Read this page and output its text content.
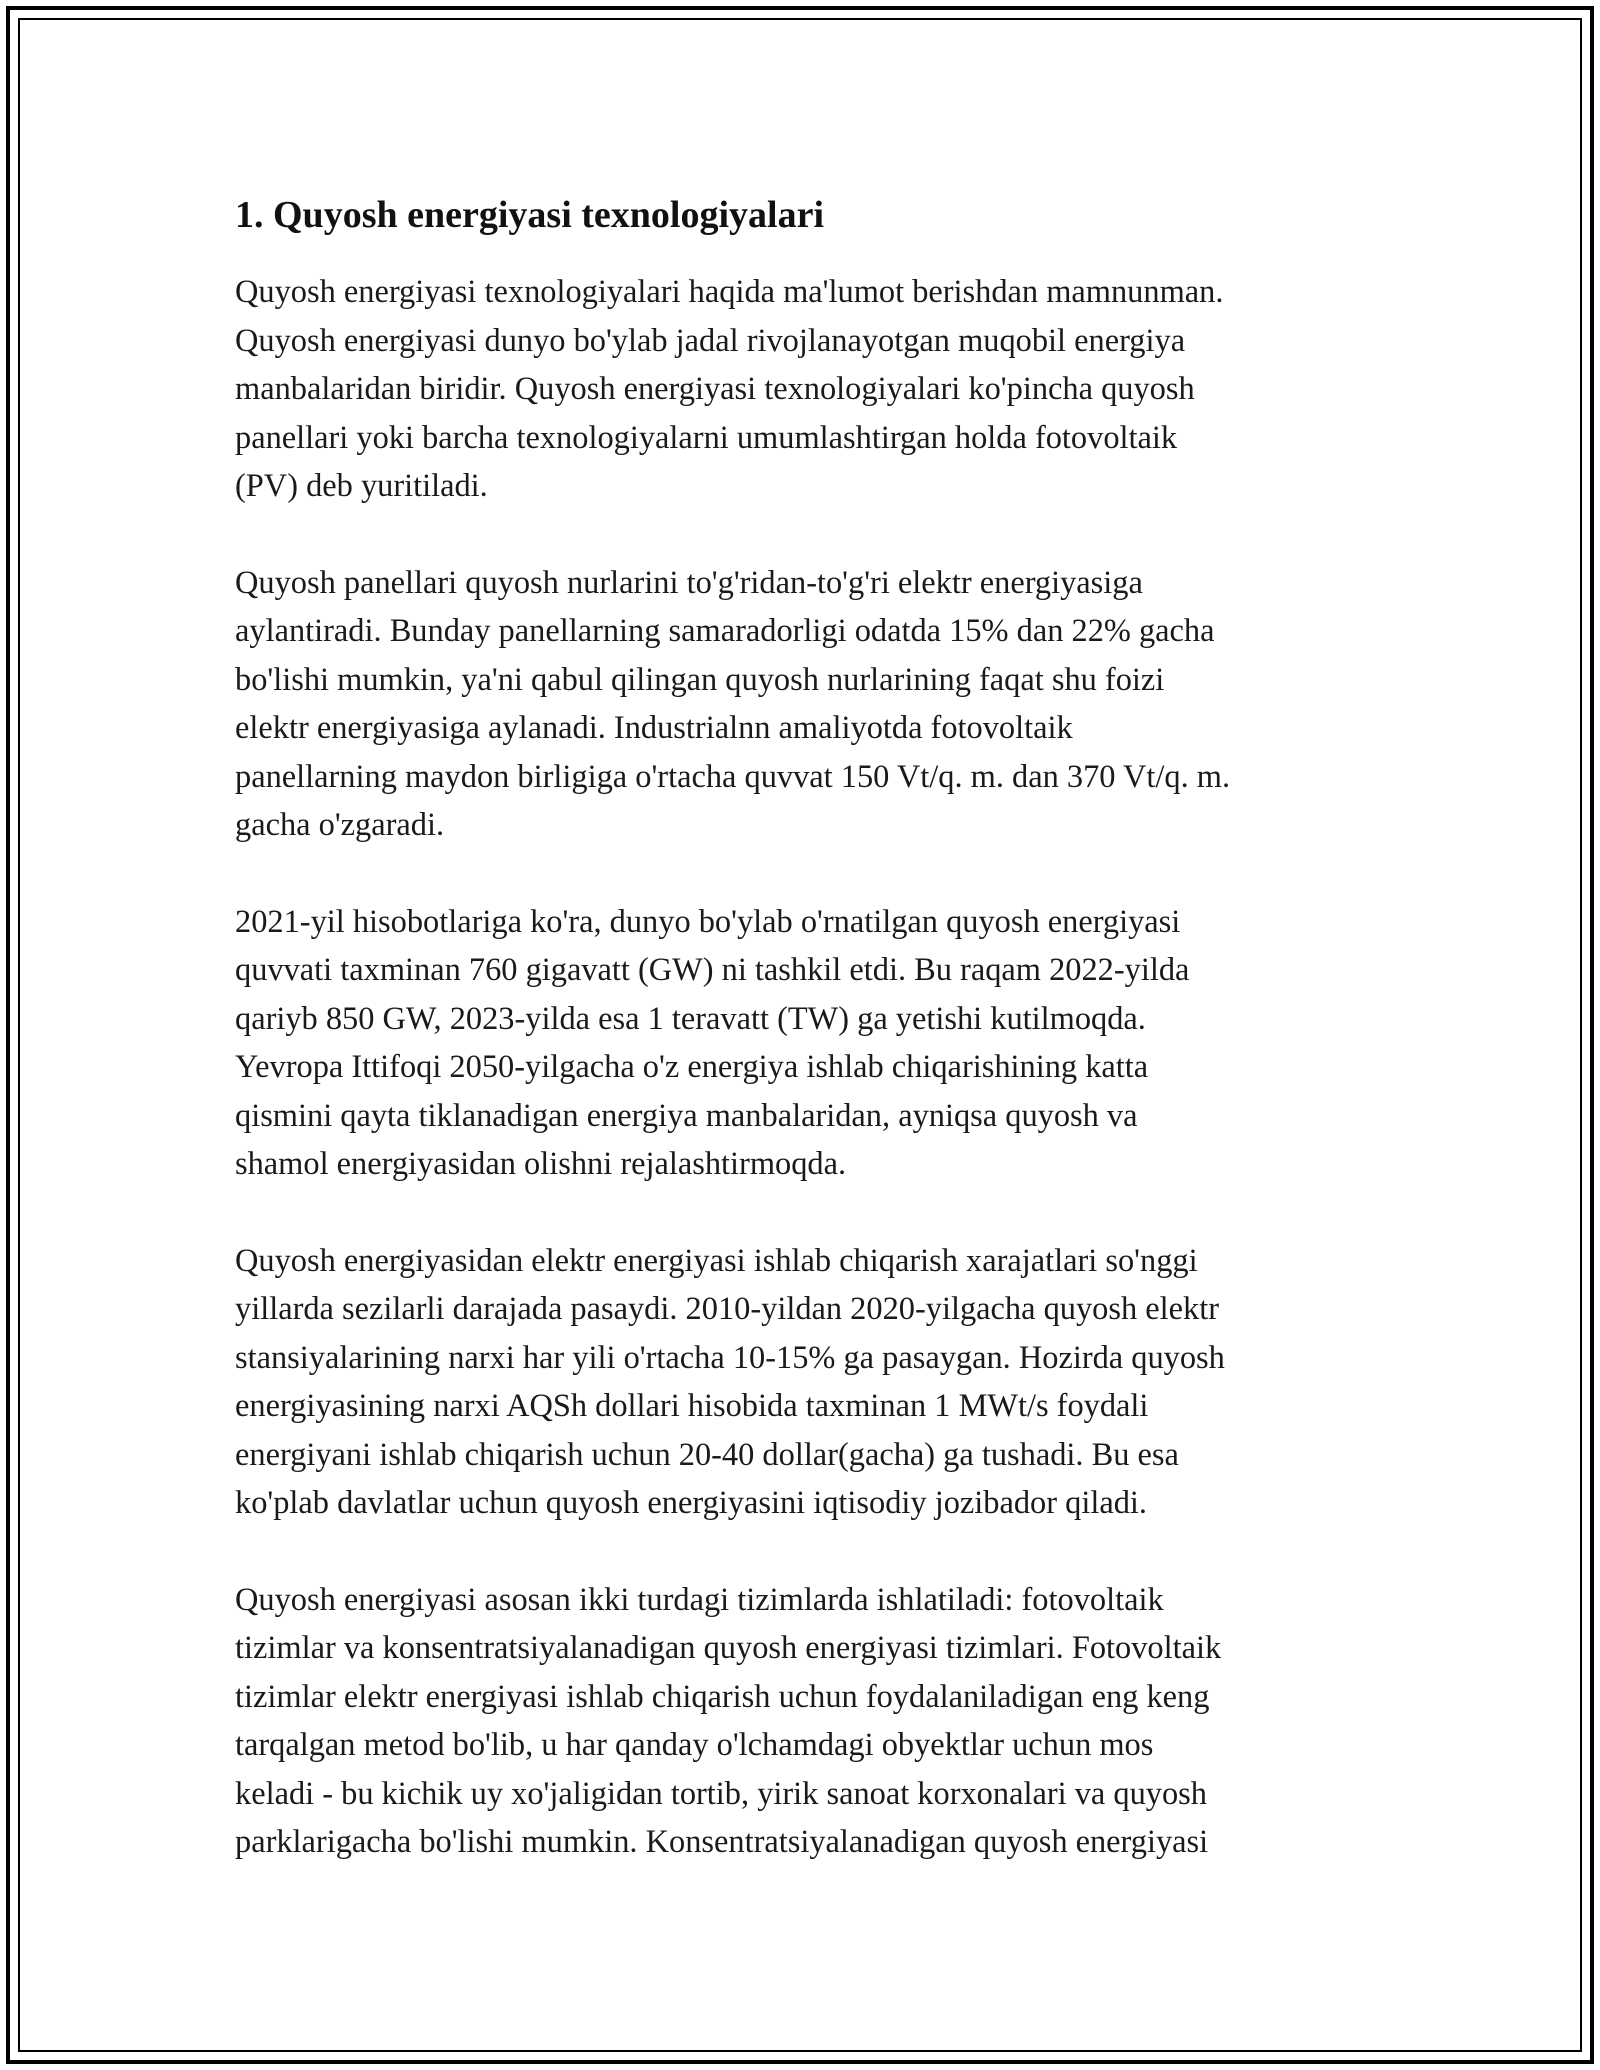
1. Quyosh energiyasi texnologiyalari

Quyosh energiyasi texnologiyalari haqida ma'lumot berishdan mamnunman.
Quyosh energiyasi dunyo bo'ylab jadal rivojlanayotgan muqobil energiya
manbalaridan biridir. Quyosh energiyasi texnologiyalari ko'pincha quyosh
panellari yoki barcha texnologiyalarni umumlashtirgan holda fotovoltaik
(PV) deb yuritiladi.

Quyosh panellari quyosh nurlarini to'g'ridan-to'g'ri elektr energiyasiga
aylantiradi. Bunday panellarning samaradorligi odatda 15% dan 22% gacha
bo'lishi mumkin, ya'ni qabul qilingan quyosh nurlarining faqat shu foizi
elektr energiyasiga aylanadi. Industrialnn amaliyotda fotovoltaik
panellarning maydon birligiga o'rtacha quvvat 150 Vt/q. m. dan 370 Vt/q. m.
gacha o'zgaradi.

2021-yil hisobotlariga ko'ra, dunyo bo'ylab o'rnatilgan quyosh energiyasi
quvvati taxminan 760 gigavatt (GW) ni tashkil etdi. Bu raqam 2022-yilda
qariyb 850 GW, 2023-yilda esa 1 teravatt (TW) ga yetishi kutilmoqda.
Yevropa Ittifoqi 2050-yilgacha o'z energiya ishlab chiqarishining katta
qismini qayta tiklanadigan energiya manbalaridan, ayniqsa quyosh va
shamol energiyasidan olishni rejalashtirmoqda.

Quyosh energiyasidan elektr energiyasi ishlab chiqarish xarajatlari so'nggi
yillarda sezilarli darajada pasaydi. 2010-yildan 2020-yilgacha quyosh elektr
stansiyalarining narxi har yili o'rtacha 10-15% ga pasaygan. Hozirda quyosh
energiyasining narxi AQSh dollari hisobida taxminan 1 MWt/s foydali
energiyani ishlab chiqarish uchun 20-40 dollar(gacha) ga tushadi. Bu esa
ko'plab davlatlar uchun quyosh energiyasini iqtisodiy jozibador qiladi.

Quyosh energiyasi asosan ikki turdagi tizimlarda ishlatiladi: fotovoltaik
tizimlar va konsentratsiyalanadigan quyosh energiyasi tizimlari. Fotovoltaik
tizimlar elektr energiyasi ishlab chiqarish uchun foydalaniladigan eng keng
tarqalgan metod bo'lib, u har qanday o'lchamdagi obyektlar uchun mos
keladi - bu kichik uy xo'jaligidan tortib, yirik sanoat korxonalari va quyosh
parklarigacha bo'lishi mumkin. Konsentratsiyalanadigan quyosh energiyasi
